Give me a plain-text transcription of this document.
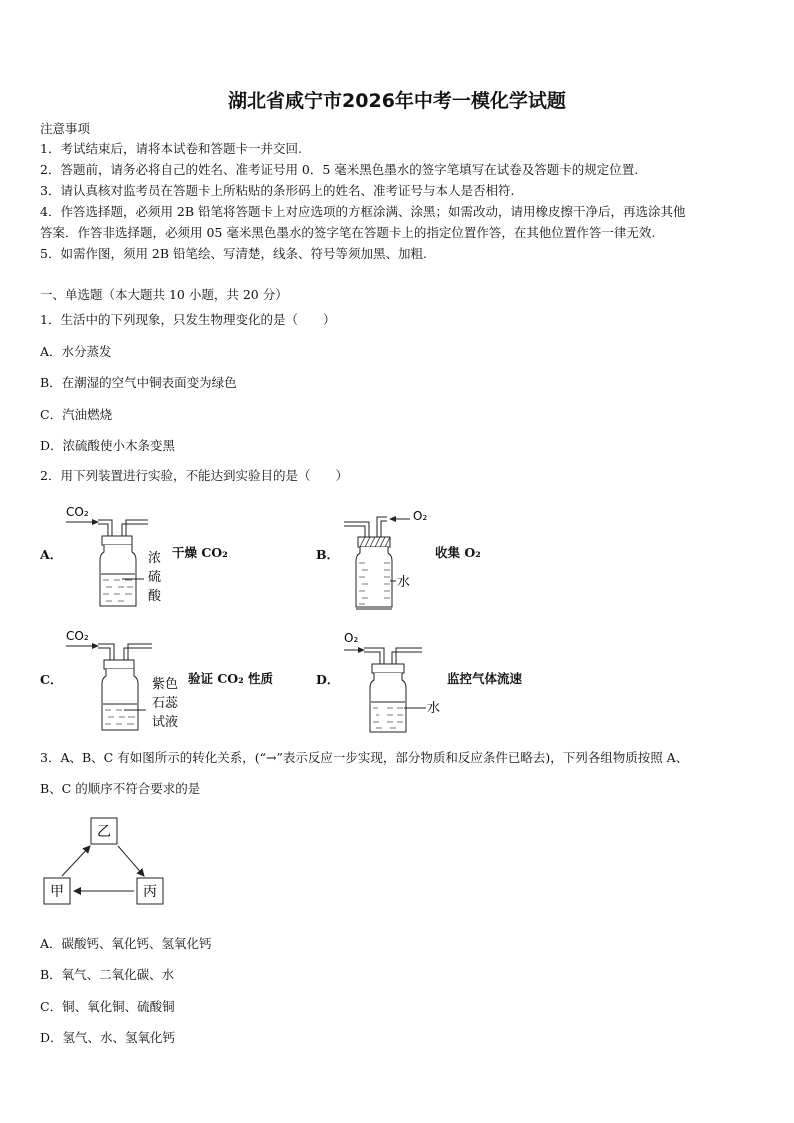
湖北省咸宁市2026年中考一模化学试题
注意事项
1．考试结束后，请将本试卷和答题卡一并交回.
2．答题前，请务必将自己的姓名、准考证号用 0．5 毫米黑色墨水的签字笔填写在试卷及答题卡的规定位置.
3．请认真核对监考员在答题卡上所粘贴的条形码上的姓名、准考证号与本人是否相符.
4．作答选择题，必须用 2B 铅笔将答题卡上对应选项的方框涂满、涂黑；如需改动，请用橡皮擦干净后，再选涂其他
答案．作答非选择题，必须用 05 毫米黑色墨水的签字笔在答题卡上的指定位置作答，在其他位置作答一律无效.
5．如需作图，须用 2B 铅笔绘、写清楚，线条、符号等须加黑、加粗.
一、单选题（本大题共 10 小题，共 20 分）
1．生活中的下列现象，只发生物理变化的是（　　）
A．水分蒸发
B．在潮湿的空气中铜表面变为绿色
C．汽油燃烧
D．浓硫酸使小木条变黑
2．用下列装置进行实验，不能达到实验目的是（　　）
A．
CO₂
浓
硫
酸
干燥 CO₂	B．
O₂
水
收集 O₂
C．
CO₂
紫色
石蕊
试液
验证 CO₂ 性质	D．
O₂
水
监控气体流速
3．A、B、C 有如图所示的转化关系，(“→”表示反应一步实现，部分物质和反应条件已略去)，下列各组物质按照 A、
B、C 的顺序不符合要求的是
乙
甲	丙
A．碳酸钙、氧化钙、氢氧化钙
B．氧气、二氧化碳、水
C．铜、氧化铜、硫酸铜
D．氢气、水、氢氧化钙
